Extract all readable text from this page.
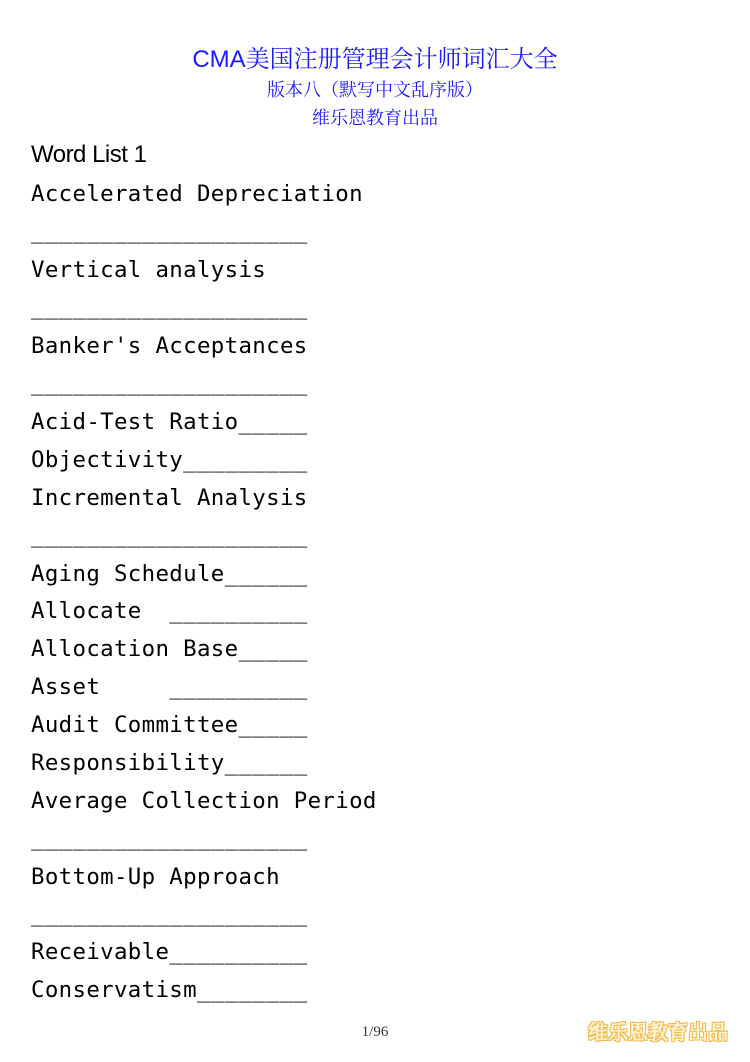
CMA美国注册管理会计师词汇大全
版本八（默写中文乱序版）
维乐恩教育出品
Word List 1
Accelerated Depreciation
____________________
Vertical analysis
____________________
Banker's Acceptances
____________________
Acid-Test Ratio_____
Objectivity_________
Incremental Analysis
____________________
Aging Schedule______
Allocate  __________
Allocation Base_____
Asset     __________
Audit Committee_____
Responsibility______
Average Collection Period
____________________
Bottom-Up Approach
____________________
Receivable__________
Conservatism________
1/96	维乐恩教育出品
